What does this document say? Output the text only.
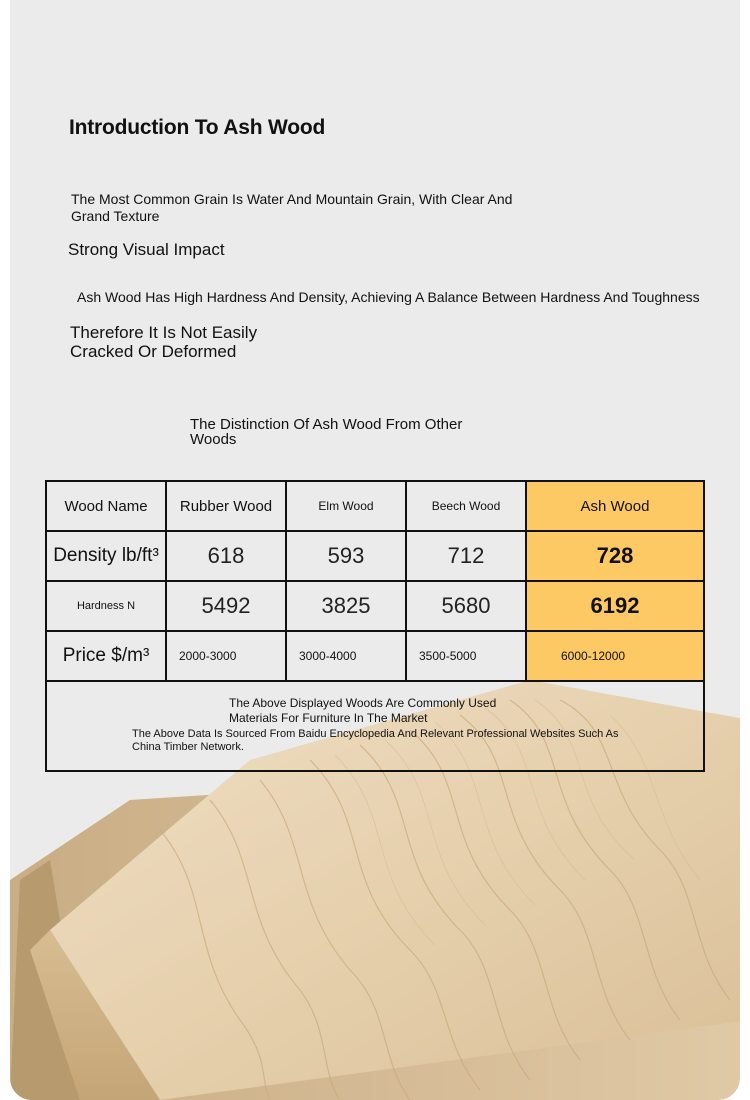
Introduction To Ash Wood

The Most Common Grain Is Water And Mountain Grain, With Clear And Grand Texture

Strong Visual Impact

Ash Wood Has High Hardness And Density, Achieving A Balance Between Hardness And Toughness

Therefore It Is Not Easily Cracked Or Deformed

The Distinction Of Ash Wood From Other Woods

Wood Name	Rubber Wood	Elm Wood	Beech Wood	Ash Wood
Density lb/ft³	618	593	712	728
Hardness N	5492	3825	5680	6192
Price $/m³	2000-3000	3000-4000	3500-5000	6000-12000

The Above Displayed Woods Are Commonly Used Materials For Furniture In The Market

The Above Data Is Sourced From Baidu Encyclopedia And Relevant Professional Websites Such As China Timber Network.
